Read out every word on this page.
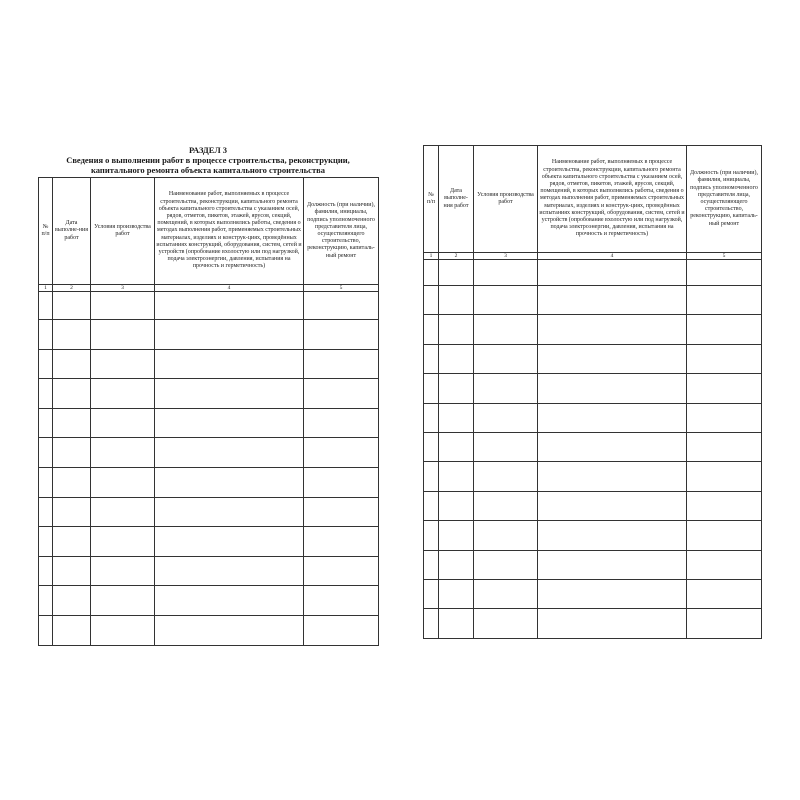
РАЗДЕЛ 3
Сведения о выполнении работ в процессе строительства, реконструкции,
капитального ремонта объекта капитального строительства
№ п/п	Дата выполне-ния работ	Условия производства работ	Наименование работ, выполняемых в процессе строительства, реконструкции, капитального ремонта объекта капитального строительства с указанием осей, рядов, отметов, пикетов, этажей, ярусов, секций, помещений, в которых выполнялись работы, сведения о методах выполнения работ, применяемых строительных материалах, изделиях и конструк-циях, проведённых испытаниях конструкций, оборудования, систем, сетей и устройств (опробование вхолостую или под нагрузкой, подача электроэнергии, давления, испытания на прочность и герметичность)	Должность (при наличии), фамилия, инициалы, подпись уполномоченного представителя лица, осуществляющего строительство, реконструкцию, капиталь-ный ремонт
1	2	3	4	5

№ п/п	Дата выполне-ния работ	Условия производства работ	Наименование работ, выполняемых в процессе строительства, реконструкции, капитального ремонта объекта капитального строительства с указанием осей, рядов, отметов, пикетов, этажей, ярусов, секций, помещений, в которых выполнялись работы, сведения о методах выполнения работ, применяемых строительных материалах, изделиях и конструк-циях, проведённых испытаниях конструкций, оборудования, систем, сетей и устройств (опробование вхолостую или под нагрузкой, подача электроэнергии, давления, испытания на прочность и герметичность)	Должность (при наличии), фамилия, инициалы, подпись уполномоченного представителя лица, осуществляющего строительство, реконструкцию, капиталь-ный ремонт
1	2	3	4	5
